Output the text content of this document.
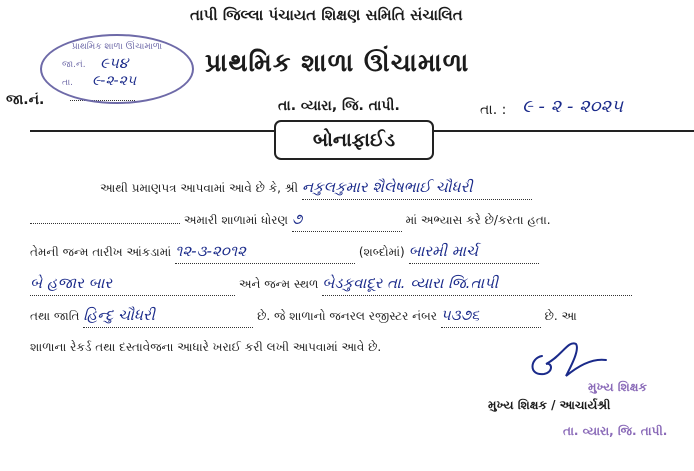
તાપી જિલ્લા પંચાયત શિક્ષણ સમિતિ સંચાલિત
પ્રાથમિક શાળા ઊંચામાળા
તા. વ્યારા, જિ. તાપી.	તા. : ૯ - ૨ - ૨૦૨૫
જા.નં.
પ્રાથમિક શાળા ઊંચામાળા
જા.નં. ૯૫૪
તા. ૯-૨-૨૫
બોનાફાઈડ
આથી પ્રમાણપત્ર આપવામાં આવે છે કે, શ્રી નકુલકુમાર શૈલેષભાઈ ચૌધરી
અમારી શાળામાં ધોરણ ૭	માં અભ્યાસ કરે છે/કરતા હતા.
તેમની જન્મ તારીખ આંકડામાં ૧૨-૩-૨૦૧૨	(શબ્દોમાં) બારમી માર્ચ
બે હજાર બાર	અને જન્મ સ્થળ બેડકુવાદૂર તા. વ્યારા જિ.તાપી
તથા જાતિ હિન્દુ ચૌધરી	છે. જે શાળાનો જનરલ રજીસ્ટર નંબર ૫૩૭૬	છે. આ
શાળાના રેકર્ડ તથા દસ્તાવેજના આધારે ખરાઈ કરી લખી આપવામાં આવે છે.
મુખ્ય શિક્ષક
મુખ્ય શિક્ષક / આચાર્યશ્રી
તા. વ્યારા, જિ. તાપી.
